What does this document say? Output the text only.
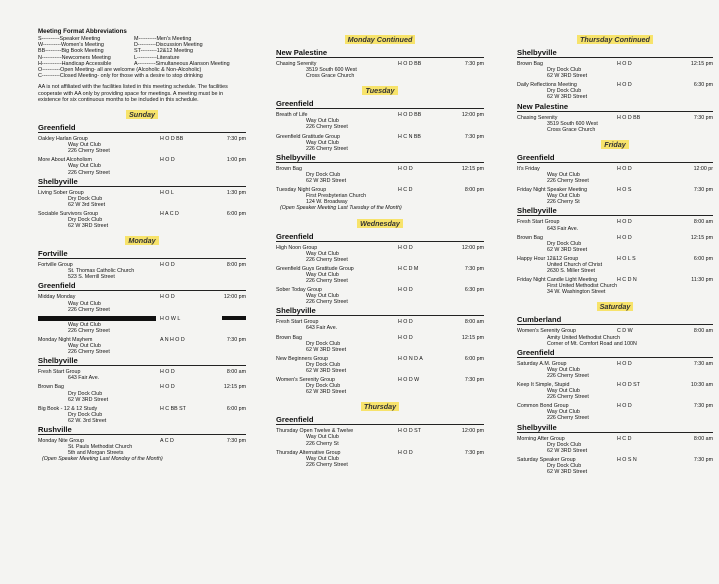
Meeting Format Abbreviations
S----------Speaker Meeting	M----------Men's Meeting
W----------Women's Meeting	D----------Discussion Meeting
BB---------Big Book Meeting	ST---------12&12 Meeting
N-----------Newcomers Meeting	L-----------Literature
H-----------Handicap Accessible	A----------Simultaneous Alanson Meeting
O----------Open Meeting- all are welcome (Alcoholic & Non-Alcoholic)
C----------Closed Meeting- only for those with a desire to stop drinking
AA is not affiliated with the facilities listed in this meeting schedule. The facilities cooperate with AA only by providing space for meetings. A meeting must be in existence for six continuous months to be included in this schedule.
Sunday
Greenfield
Oakley Harlan Group	H O D BB	7:30 pm
Way Out Club
226 Cherry Street
More About Alcoholism	H O D	1:00 pm
Way Out Club
226 Cherry Street
Shelbyville
Living Sober Group	H O L	1:30 pm
Dry Dock Club
62 W 3rd Street
Sociable Survivors Group	H A C D	6:00 pm
Dry Dock Club
62 W 3RD Street
Monday
Fortville
Fortville Group	H O D	8:00 pm
St. Thomas Catholic Church
523 S. Merrill Street
Greenfield
Midday Monday	H O D	12:00 pm
Way Out Club
226 Cherry Street
H O W L
Way Out Club
226 Cherry Street
Monday Night Mayhem	A N H O D	7:30 pm
Way Out Club
226 Cherry Street
Shelbyville
Fresh Start Group	H O D	8:00 am
643 Fair Ave.
Brown Bag	H O D	12:15 pm
Dry Dock Club
62 W 3RD Street
Big Book - 12 & 12 Study	H C BB ST	6:00 pm
Dry Dock Club
62 W. 3rd Street
Rushville
Monday Nite Group	A C D	7:30 pm
St. Pauls Methodist Church
5th and Morgan Streets
(Open Speaker Meeting Last Monday of the Month)
Monday Continued
New Palestine
Chasing Serenity	H O D BB	7:30 pm
3519 South 600 West
Cross Grace Church
Tuesday
Greenfield
Breath of Life	H O D BB	12:00 pm
Way Out Club
226 Cherry Street
Greenfield Gratitude Group	H C N BB	7:30 pm
Way Out Club
226 Cherry Street
Shelbyville
Brown Bag	H O D	12:15 pm
Dry Dock Club
62 W 3RD Street
Tuesday Night Group	H C D	8:00 pm
First Presbyterian Church
124 W. Broadway
(Open Speaker Meeting Last Tuesday of the Month)
Wednesday
Greenfield
High Noon Group	H O D	12:00 pm
Way Out Club
226 Cherry Street
Greenfield Guys Gratitude Group	H C D M	7:30 pm
Way Out Club
226 Cherry Street
Sober Today Group	H O D	6:30 pm
Way Out Club
226 Cherry Street
Shelbyville
Fresh Start Group	H O D	8:00 am
643 Fair Ave.
Brown Bag	H O D	12:15 pm
Dry Dock Club
62 W 3RD Street
New Beginners Group	H O N D A	6:00 pm
Dry Dock Club
62 W 3RD Street
Women's Serenity Group	H O D W	7:30 pm
Dry Dock Club
62 W 3RD Street
Thursday
Greenfield
Thursday Open Twelve & Twelve	H O D ST	12:00 pm
Way Out Club
226 Cherry St
Thursday Alternative Group	H O D	7:30 pm
Way Out Club
226 Cherry Street
Thursday Continued
Shelbyville
Brown Bag	H O D	12:15 pm
Dry Dock Club
62 W 3RD Street
Daily Reflections Meeting	H O D	6:30 pm
Dry Dock Club
62 W 3RD Street
New Palestine
Chasing Serenity	H O D BB	7:30 pm
3519 South 600 West
Cross Grace Church
Friday
Greenfield
It's Friday	H O D	12:00 pr
Way Out Club
226 Cherry Street
Friday Night Speaker Meeting	H O S	7:30 pm
Way Out Club
226 Cherry St
Shelbyville
Fresh Start Group	H O D	8:00 am
643 Fair Ave.
Brown Bag	H O D	12:15 pm
Dry Dock Club
62 W 3RD Street
Happy Hour 12&12 Group	H O L S	6:00 pm
United Church of Christ
2630 S. Miller Street
Friday Night Candle Light Meeting	H C D N	11:30 pm
First United Methodist Church
34 W. Washington Street
Saturday
Cumberland
Women's Serenity Group	C D W	8:00 am
Amity United Methodist Church
Corner of Mt. Comfort Road and 100N
Greenfield
Saturday A.M. Group	H O D	7:30 am
Way Out Club
226 Cherry Street
Keep It Simple, Stupid	H O D ST	10:30 am
Way Out Club
226 Cherry Street
Common Bond Group	H O D	7:30 pm
Way Out Club
226 Cherry Street
Shelbyville
Morning After Group	H C D	8:00 am
Dry Dock Club
62 W 3RD Street
Saturday Speaker Group	H O S N	7:30 pm
Dry Dock Club
62 W 3RD Street
